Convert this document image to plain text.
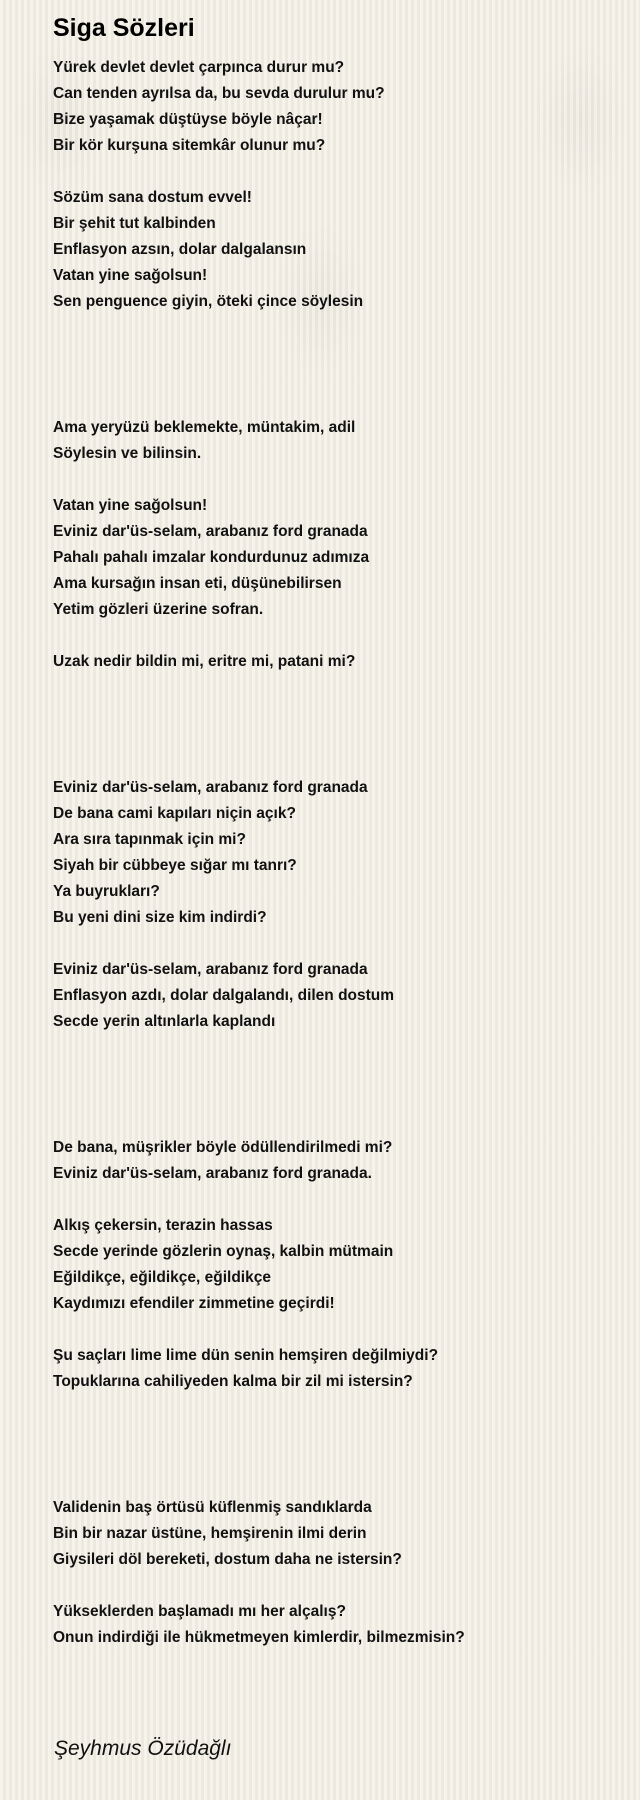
Siga Sözleri
Yürek devlet devlet çarpınca durur mu?
Can tenden ayrılsa da, bu sevda durulur mu?
Bize yaşamak düştüyse böyle nâçar!
Bir kör kurşuna sitemkâr olunur mu?
Sözüm sana dostum evvel!
Bir şehit tut kalbinden
Enflasyon azsın, dolar dalgalansın
Vatan yine sağolsun!
Sen penguence giyin, öteki çince söylesin
Ama yeryüzü beklemekte, müntakim, adil
Söylesin ve bilinsin.
Vatan yine sağolsun!
Eviniz dar'üs-selam, arabanız ford granada
Pahalı pahalı imzalar kondurdunuz adımıza
Ama kursağın insan eti, düşünebilirsen
Yetim gözleri üzerine sofran.
Uzak nedir bildin mi, eritre mi, patani mi?
Eviniz dar'üs-selam, arabanız ford granada
De bana cami kapıları niçin açık?
Ara sıra tapınmak için mi?
Siyah bir cübbeye sığar mı tanrı?
Ya buyrukları?
Bu yeni dini size kim indirdi?
Eviniz dar'üs-selam, arabanız ford granada
Enflasyon azdı, dolar dalgalandı, dilen dostum
Secde yerin altınlarla kaplandı
De bana, müşrikler böyle ödüllendirilmedi mi?
Eviniz dar'üs-selam, arabanız ford granada.
Alkış çekersin, terazin hassas
Secde yerinde gözlerin oynaş, kalbin mütmain
Eğildikçe, eğildikçe, eğildikçe
Kaydımızı efendiler zimmetine geçirdi!
Şu saçları lime lime dün senin hemşiren değilmiydi?
Topuklarına cahiliyeden kalma bir zil mi istersin?
Validenin baş örtüsü küflenmiş sandıklarda
Bin bir nazar üstüne, hemşirenin ilmi derin
Giysileri döl bereketi, dostum daha ne istersin?
Yükseklerden başlamadı mı her alçalış?
Onun indirdiği ile hükmetmeyen kimlerdir, bilmezmisin?
Şeyhmus Özüdağlı
